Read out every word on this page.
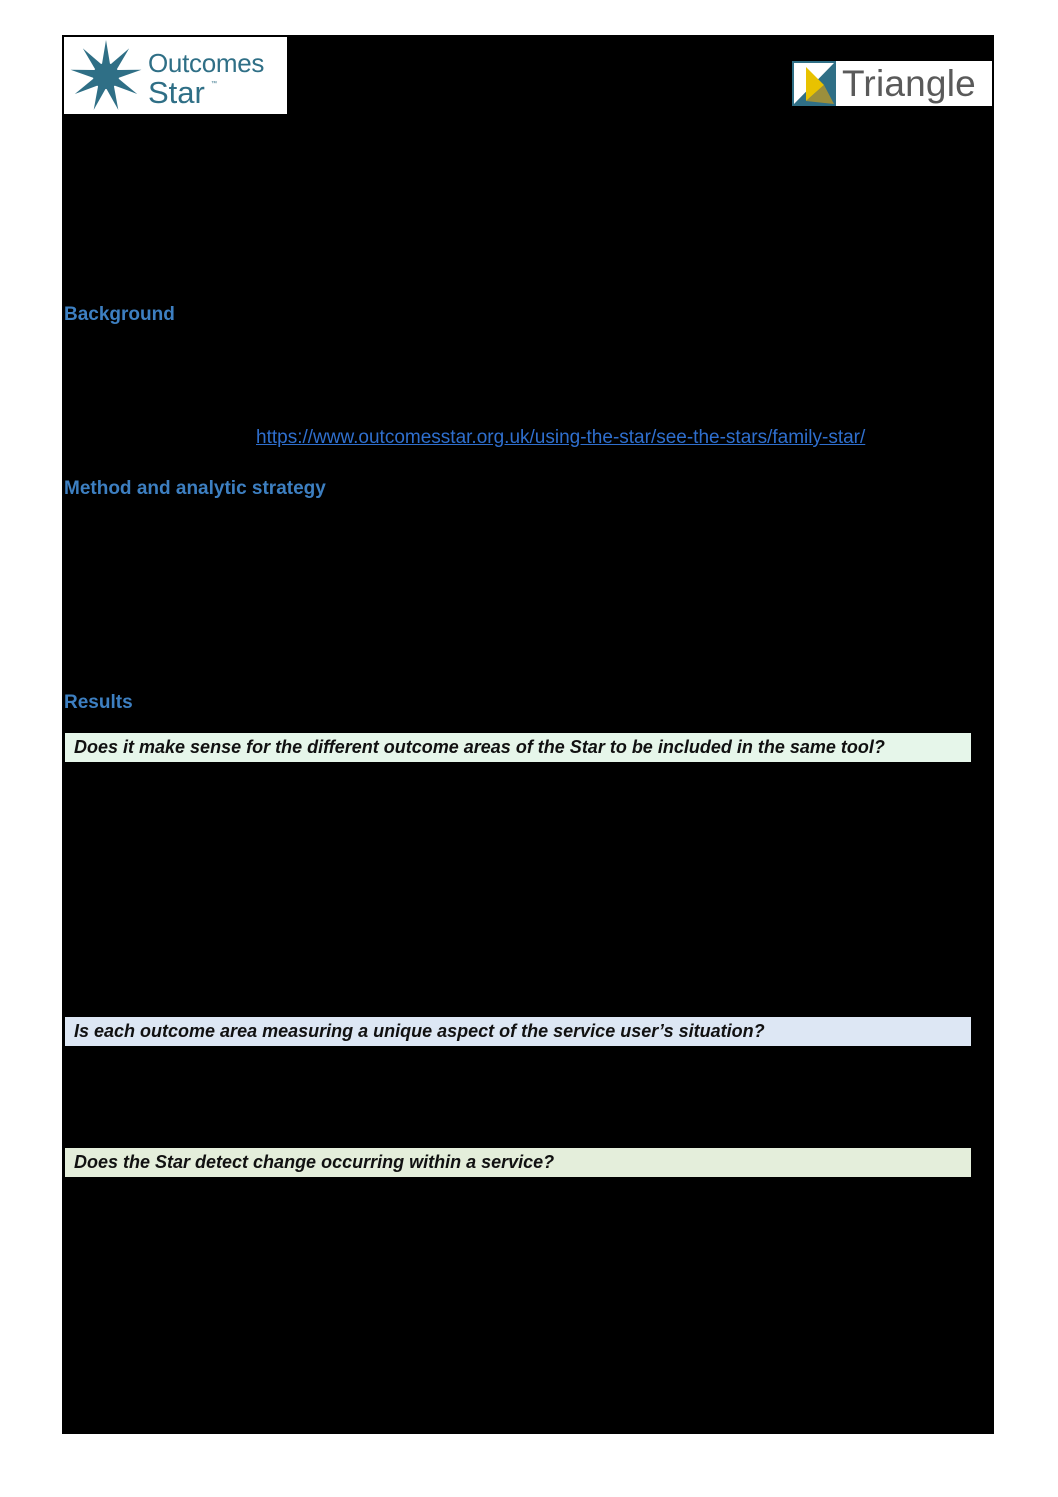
Outcomes
Star ™	Triangle
Background
https://www.outcomesstar.org.uk/using-the-star/see-the-stars/family-star/
Method and analytic strategy
Results
Does it make sense for the different outcome areas of the Star to be included in the same tool?
Is each outcome area measuring a unique aspect of the service user’s situation?
Does the Star detect change occurring within a service?
